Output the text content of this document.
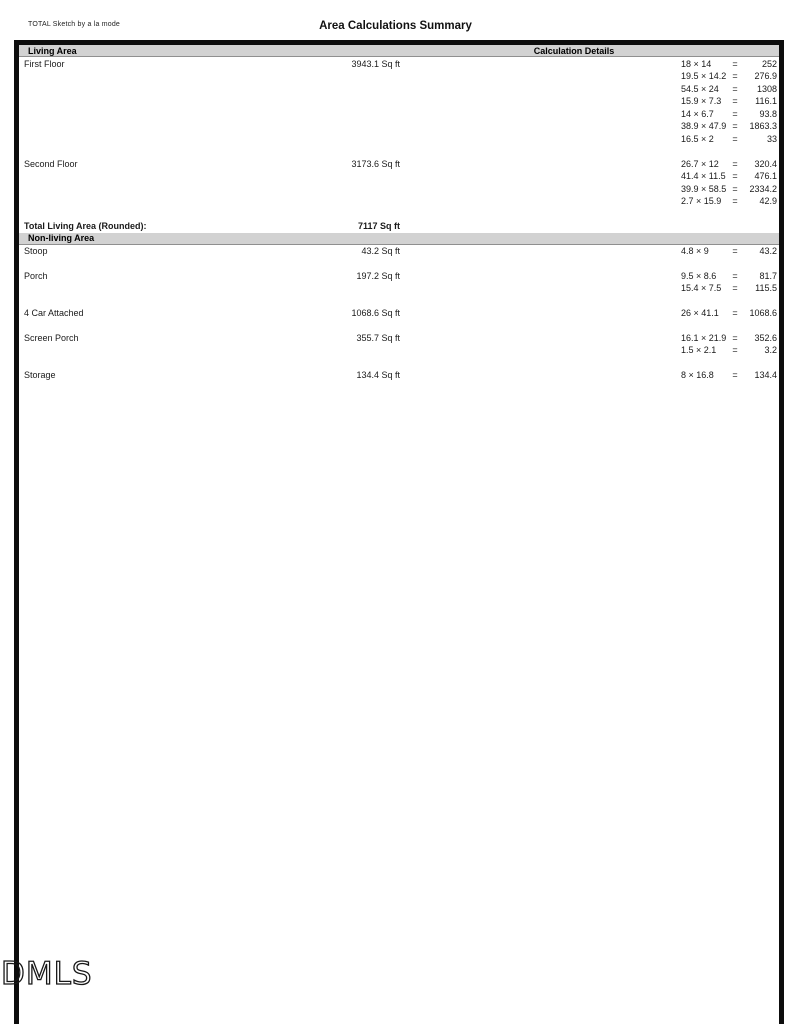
TOTAL Sketch by a la mode	Area Calculations Summary
Living Area	Calculation Details
First Floor	3943.1 Sq ft	18 × 14	=	252
19.5 × 14.2 =	276.9
54.5 × 24	=	1308
15.9 × 7.3	=	116.1
14 × 6.7	=	93.8
38.9 × 47.9 =	1863.3
16.5 × 2	=	33
Second Floor	3173.6 Sq ft	26.7 × 12	=	320.4
41.4 × 11.5 =	476.1
39.9 × 58.5 =	2334.2
2.7 × 15.9	=	42.9
Total Living Area (Rounded):	7117 Sq ft
Non-living Area
Stoop	43.2 Sq ft	4.8 × 9	=	43.2
Porch	197.2 Sq ft	9.5 × 8.6	=	81.7
15.4 × 7.5	=	115.5
4 Car Attached	1068.6 Sq ft	26 × 41.1	=	1068.6
Screen Porch	355.7 Sq ft	16.1 × 21.9 =	352.6
1.5 × 2.1	=	3.2
Storage	134.4 Sq ft	8 × 16.8	=	134.4
DMLS
